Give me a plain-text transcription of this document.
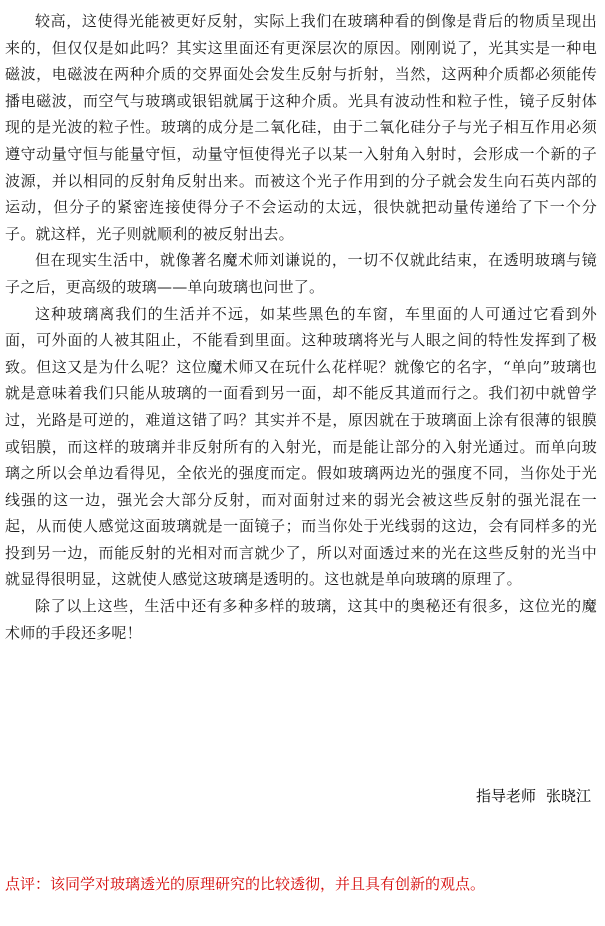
较高，这使得光能被更好反射，实际上我们在玻璃种看的倒像是背后的物质呈现出来的，但仅仅是如此吗？其实这里面还有更深层次的原因。刚刚说了，光其实是一种电磁波，电磁波在两种介质的交界面处会发生反射与折射，当然，这两种介质都必须能传播电磁波，而空气与玻璃或银铝就属于这种介质。光具有波动性和粒子性，镜子反射体现的是光波的粒子性。玻璃的成分是二氧化硅，由于二氧化硅分子与光子相互作用必须遵守动量守恒与能量守恒，动量守恒使得光子以某一入射角入射时，会形成一个新的子波源，并以相同的反射角反射出来。而被这个光子作用到的分子就会发生向石英内部的运动，但分子的紧密连接使得分子不会运动的太远，很快就把动量传递给了下一个分子。就这样，光子则就顺利的被反射出去。

但在现实生活中，就像著名魔术师刘谦说的，一切不仅就此结束，在透明玻璃与镜子之后，更高级的玻璃——单向玻璃也问世了。

这种玻璃离我们的生活并不远，如某些黑色的车窗，车里面的人可通过它看到外面，可外面的人被其阻止，不能看到里面。这种玻璃将光与人眼之间的特性发挥到了极致。但这又是为什么呢？这位魔术师又在玩什么花样呢？就像它的名字，“单向”玻璃也就是意味着我们只能从玻璃的一面看到另一面，却不能反其道而行之。我们初中就曾学过，光路是可逆的，难道这错了吗？其实并不是，原因就在于玻璃面上涂有很薄的银膜或铝膜，而这样的玻璃并非反射所有的入射光，而是能让部分的入射光通过。而单向玻璃之所以会单边看得见，全依光的强度而定。假如玻璃两边光的强度不同，当你处于光线强的这一边，强光会大部分反射，而对面射过来的弱光会被这些反射的强光混在一起，从而使人感觉这面玻璃就是一面镜子；而当你处于光线弱的这边，会有同样多的光投到另一边，而能反射的光相对而言就少了，所以对面透过来的光在这些反射的光当中就显得很明显，这就使人感觉这玻璃是透明的。这也就是单向玻璃的原理了。

除了以上这些，生活中还有多种多样的玻璃，这其中的奥秘还有很多，这位光的魔术师的手段还多呢！

指导老师 张晓江

点评：该同学对玻璃透光的原理研究的比较透彻，并且具有创新的观点。
